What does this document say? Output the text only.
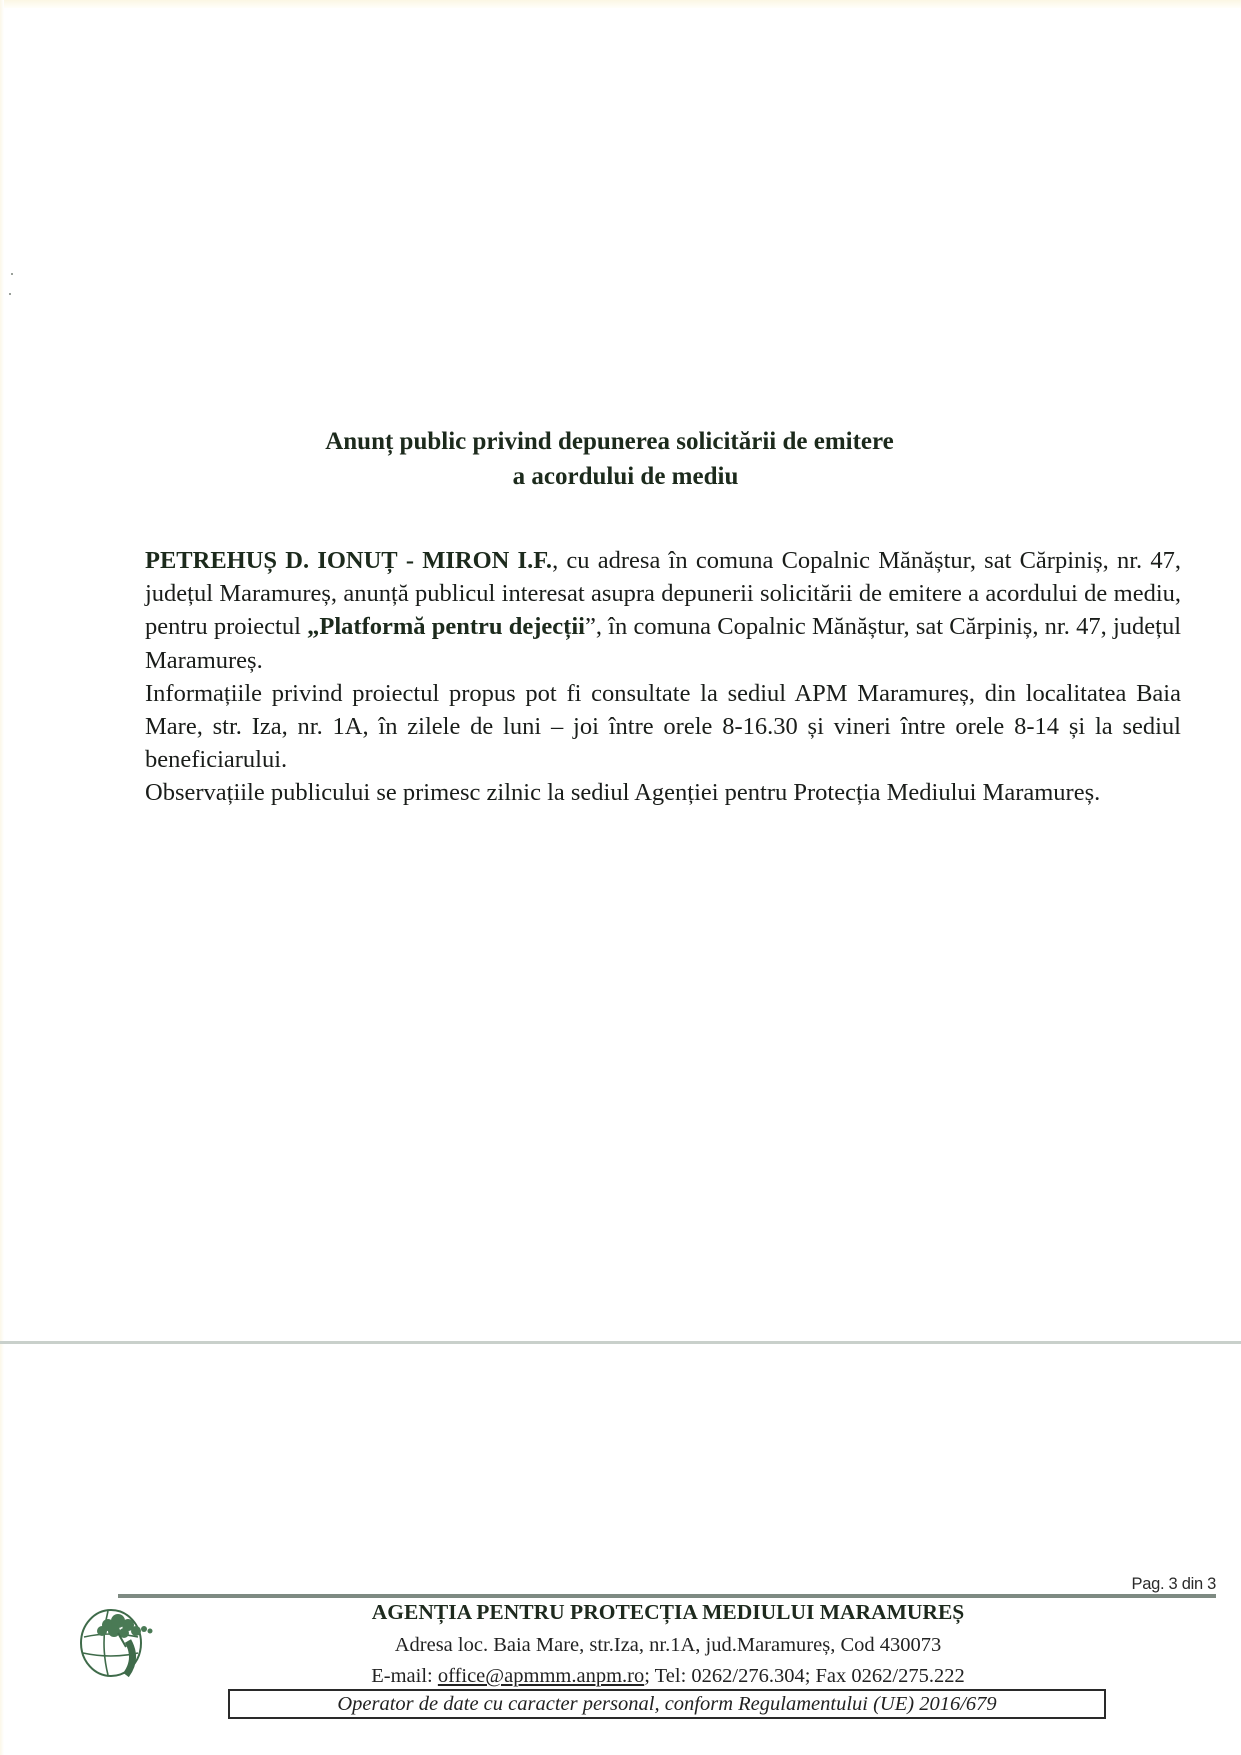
Anunț public privind depunerea solicitării de emitere
a acordului de mediu

PETREHUȘ D. IONUȚ - MIRON I.F., cu adresa în comuna Copalnic Mănăștur, sat Cărpiniș, nr. 47, județul Maramureș, anunță publicul interesat asupra depunerii solicitării de emitere a acordului de mediu, pentru proiectul „Platformă pentru dejecții”, în comuna Copalnic Mănăștur, sat Cărpiniș, nr. 47, județul Maramureș.

Informațiile privind proiectul propus pot fi consultate la sediul APM Maramureș, din localitatea Baia Mare, str. Iza, nr. 1A, în zilele de luni – joi între orele 8-16.30 și vineri între orele 8-14 și la sediul beneficiarului.

Observațiile publicului se primesc zilnic la sediul Agenției pentru Protecția Mediului Maramureș.

Pag. 3 din 3
AGENȚIA PENTRU PROTECȚIA MEDIULUI MARAMUREȘ
Adresa loc. Baia Mare, str.Iza, nr.1A, jud.Maramureș, Cod 430073
E-mail: office@apmmm.anpm.ro; Tel: 0262/276.304; Fax 0262/275.222
Operator de date cu caracter personal, conform Regulamentului (UE) 2016/679
